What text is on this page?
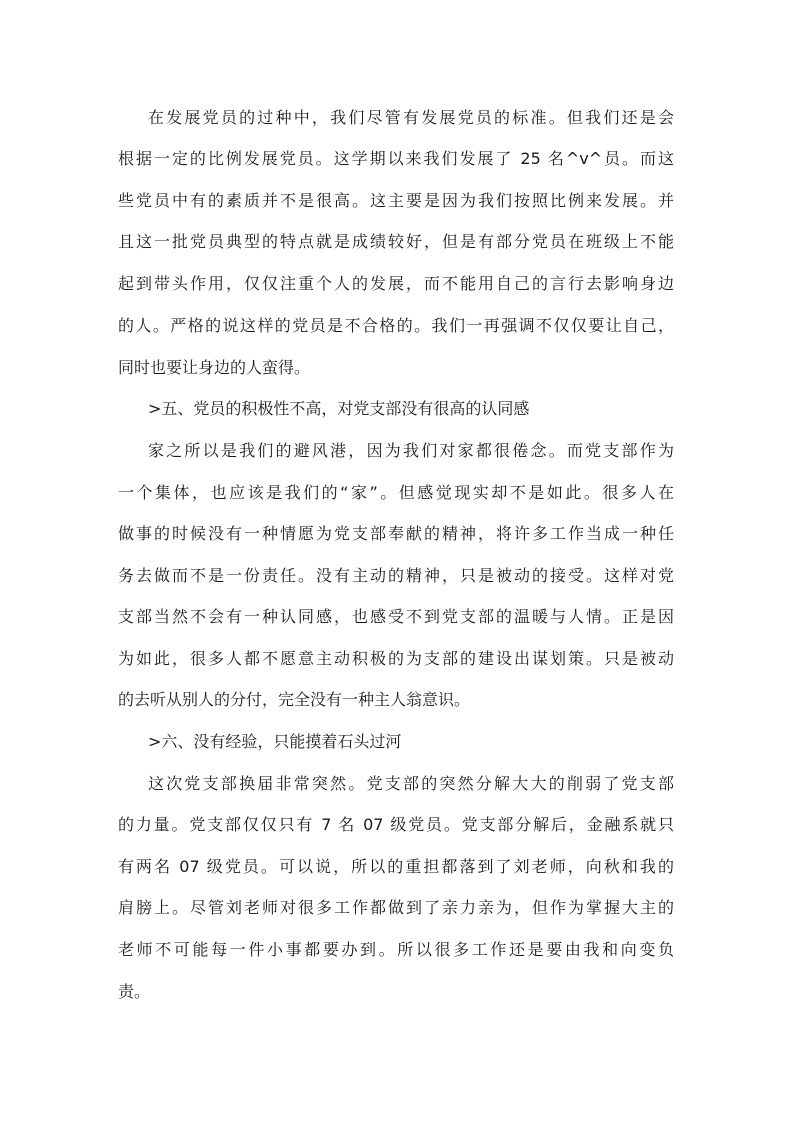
在发展党员的过种中，我们尽管有发展党员的标准。但我们还是会
根据一定的比例发展党员。这学期以来我们发展了 25 名^v^员。而这
些党员中有的素质并不是很高。这主要是因为我们按照比例来发展。并
且这一批党员典型的特点就是成绩较好，但是有部分党员在班级上不能
起到带头作用，仅仅注重个人的发展，而不能用自己的言行去影响身边
的人。严格的说这样的党员是不合格的。我们一再强调不仅仅要让自己，
同时也要让身边的人蛮得。
>五、党员的积极性不高，对党支部没有很高的认同感
家之所以是我们的避风港，因为我们对家都很倦念。而党支部作为
一个集体，也应该是我们的“家”。但感觉现实却不是如此。很多人在
做事的时候没有一种情愿为党支部奉献的精神，将许多工作当成一种任
务去做而不是一份责任。没有主动的精神，只是被动的接受。这样对党
支部当然不会有一种认同感，也感受不到党支部的温暖与人情。正是因
为如此，很多人都不愿意主动积极的为支部的建设出谋划策。只是被动
的去听从别人的分付，完全没有一种主人翁意识。
>六、没有经验，只能摸着石头过河
这次党支部换届非常突然。党支部的突然分解大大的削弱了党支部
的力量。党支部仅仅只有 7 名 07 级党员。党支部分解后，金融系就只
有两名 07 级党员。可以说，所以的重担都落到了刘老师，向秋和我的
肩膀上。尽管刘老师对很多工作都做到了亲力亲为，但作为掌握大主的
老师不可能每一件小事都要办到。所以很多工作还是要由我和向变负
责。
